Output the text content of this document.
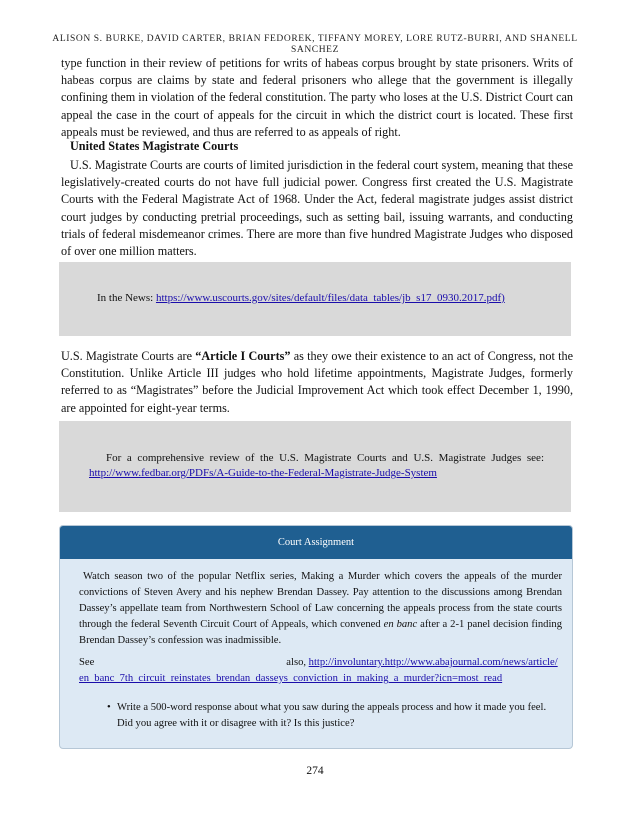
ALISON S. BURKE, DAVID CARTER, BRIAN FEDOREK, TIFFANY MOREY, LORE RUTZ-BURRI, AND SHANELL SANCHEZ

type function in their review of petitions for writs of habeas corpus brought by state prisoners. Writs of habeas corpus are claims by state and federal prisoners who allege that the government is illegally confining them in violation of the federal constitution. The party who loses at the U.S. District Court can appeal the case in the court of appeals for the circuit in which the district court is located. These first appeals must be reviewed, and thus are referred to as appeals of right.

United States Magistrate Courts

U.S. Magistrate Courts are courts of limited jurisdiction in the federal court system, meaning that these legislatively-created courts do not have full judicial power. Congress first created the U.S. Magistrate Courts with the Federal Magistrate Act of 1968. Under the Act, federal magistrate judges assist district court judges by conducting pretrial proceedings, such as setting bail, issuing warrants, and conducting trials of federal misdemeanor crimes. There are more than five hundred Magistrate Judges who disposed of over one million matters.

In the News: https://www.uscourts.gov/sites/default/files/data_tables/jb_s17_0930.2017.pdf)

U.S. Magistrate Courts are “Article I Courts” as they owe their existence to an act of Congress, not the Constitution. Unlike Article III judges who hold lifetime appointments, Magistrate Judges, formerly referred to as “Magistrates” before the Judicial Improvement Act which took effect December 1, 1990, are appointed for eight-year terms.

For a comprehensive review of the U.S. Magistrate Courts and U.S. Magistrate Judges see: http://www.fedbar.org/PDFs/A-Guide-to-the-Federal-Magistrate-Judge-System

Court Assignment

Watch season two of the popular Netflix series, Making a Murder which covers the appeals of the murder convictions of Steven Avery and his nephew Brendan Dassey. Pay attention to the discussions among Brendan Dassey’s appellate team from Northwestern School of Law concerning the appeals process from the state courts through the federal Seventh Circuit Court of Appeals, which convened en banc after a 2-1 panel decision finding Brendan Dassey’s confession was inadmissible.

See	also, http://involuntary.http://www.abajournal.com/news/article/en_banc_7th_circuit_reinstates_brendan_dasseys_conviction_in_making_a_murder?icn=most_read

• Write a 500-word response about what you saw during the appeals process and how it made you feel. Did you agree with it or disagree with it? Is this justice?

274
